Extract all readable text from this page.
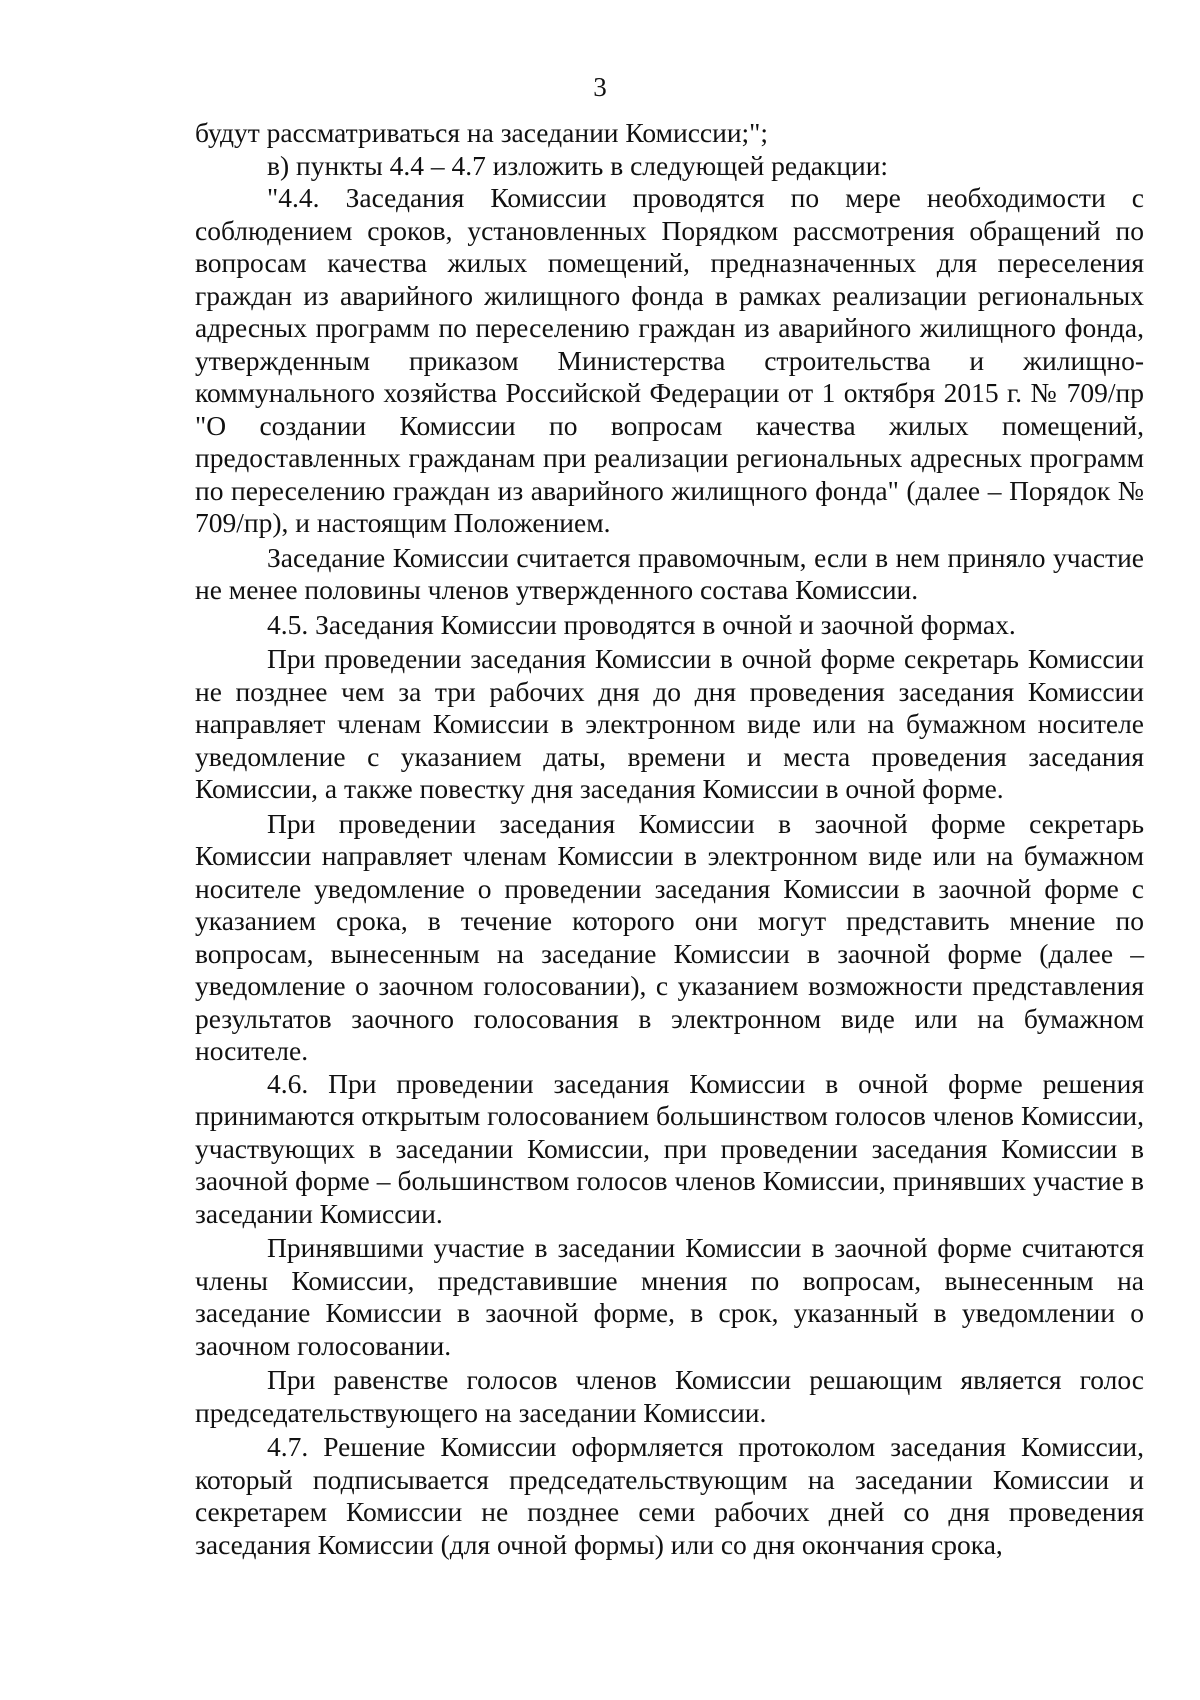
3

будут рассматриваться на заседании Комиссии;";

в) пункты 4.4 – 4.7 изложить в следующей редакции:

"4.4. Заседания Комиссии проводятся по мере необходимости с соблюдением сроков, установленных Порядком рассмотрения обращений по вопросам качества жилых помещений, предназначенных для переселения граждан из аварийного жилищного фонда в рамках реализации региональных адресных программ по переселению граждан из аварийного жилищного фонда, утвержденным приказом Министерства строительства и жилищно-коммунального хозяйства Российской Федерации от 1 октября 2015 г. № 709/пр "О создании Комиссии по вопросам качества жилых помещений, предоставленных гражданам при реализации региональных адресных программ по переселению граждан из аварийного жилищного фонда" (далее – Порядок № 709/пр), и настоящим Положением.

Заседание Комиссии считается правомочным, если в нем приняло участие не менее половины членов утвержденного состава Комиссии.

4.5. Заседания Комиссии проводятся в очной и заочной формах.

При проведении заседания Комиссии в очной форме секретарь Комиссии не позднее чем за три рабочих дня до дня проведения заседания Комиссии направляет членам Комиссии в электронном виде или на бумажном носителе уведомление с указанием даты, времени и места проведения заседания Комиссии, а также повестку дня заседания Комиссии в очной форме.

При проведении заседания Комиссии в заочной форме секретарь Комиссии направляет членам Комиссии в электронном виде или на бумажном носителе уведомление о проведении заседания Комиссии в заочной форме с указанием срока, в течение которого они могут представить мнение по вопросам, вынесенным на заседание Комиссии в заочной форме (далее – уведомление о заочном голосовании), с указанием возможности представления результатов заочного голосования в электронном виде или на бумажном носителе.

4.6. При проведении заседания Комиссии в очной форме решения принимаются открытым голосованием большинством голосов членов Комиссии, участвующих в заседании Комиссии, при проведении заседания Комиссии в заочной форме – большинством голосов членов Комиссии, принявших участие в заседании Комиссии.

Принявшими участие в заседании Комиссии в заочной форме считаются члены Комиссии, представившие мнения по вопросам, вынесенным на заседание Комиссии в заочной форме, в срок, указанный в уведомлении о заочном голосовании.

При равенстве голосов членов Комиссии решающим является голос председательствующего на заседании Комиссии.

4.7. Решение Комиссии оформляется протоколом заседания Комиссии, который подписывается председательствующим на заседании Комиссии и секретарем Комиссии не позднее семи рабочих дней со дня проведения заседания Комиссии (для очной формы) или со дня окончания срока,
